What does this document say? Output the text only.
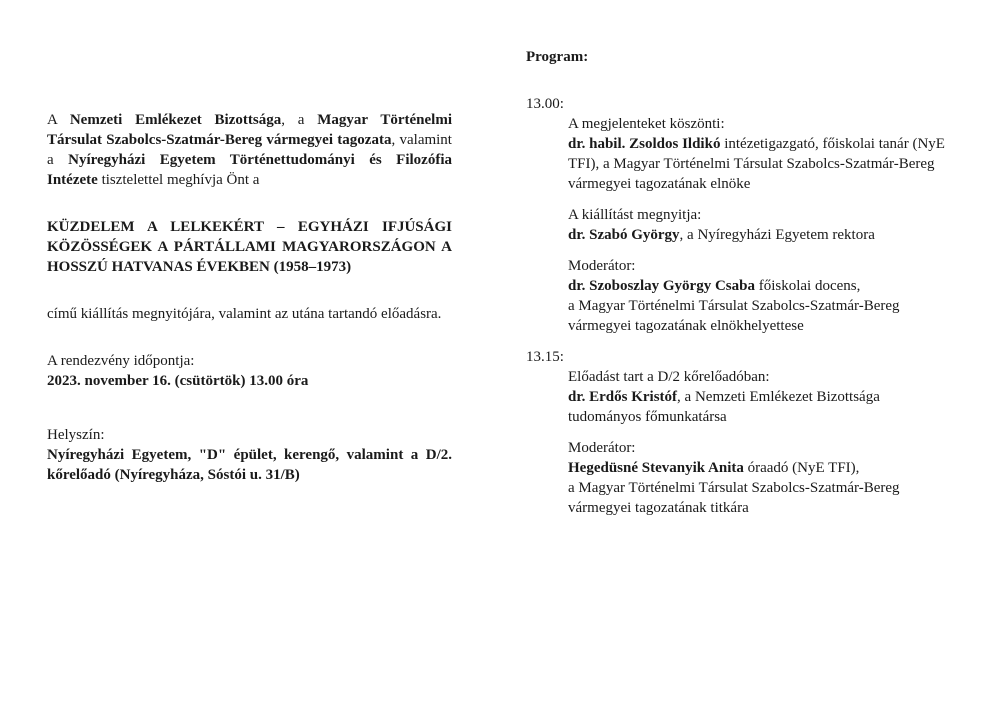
A Nemzeti Emlékezet Bizottsága, a Magyar Történelmi Társulat Szabolcs-Szatmár-Bereg vármegyei tagozata, valamint a Nyíregyházi Egyetem Történettudományi és Filozófia Intézete tisztelettel meghívja Önt a

KÜZDELEM A LELKEKÉRT – EGYHÁZI IFJÚSÁGI KÖZÖSSÉGEK A PÁRTÁLLAMI MAGYARORSZÁGON A HOSSZÚ HATVANAS ÉVEKBEN (1958–1973)

című kiállítás megnyitójára, valamint az utána tartandó előadásra.

A rendezvény időpontja:

2023. november 16. (csütörtök) 13.00 óra

Helyszín:

Nyíregyházi Egyetem, "D" épület, kerengő, valamint a D/2. kőrelőadó (Nyíregyháza, Sóstói u. 31/B)

Program:

13.00:

A megjelenteket köszönti:

dr. habil. Zsoldos Ildikó intézetigazgató, főiskolai tanár (NyE TFI), a Magyar Történelmi Társulat Szabolcs-Szatmár-Bereg vármegyei tagozatának elnöke

A kiállítást megnyitja:

dr. Szabó György, a Nyíregyházi Egyetem rektora

Moderátor:

dr. Szoboszlay György Csaba főiskolai docens,

a Magyar Történelmi Társulat Szabolcs-Szatmár-Bereg vármegyei tagozatának elnökhelyettese

13.15:

Előadást tart a D/2 kőrelőadóban:

dr. Erdős Kristóf, a Nemzeti Emlékezet Bizottsága tudományos főmunkatársa

Moderátor:

Hegedüsné Stevanyik Anita óraadó (NyE TFI),

a Magyar Történelmi Társulat Szabolcs-Szatmár-Bereg vármegyei tagozatának titkára
